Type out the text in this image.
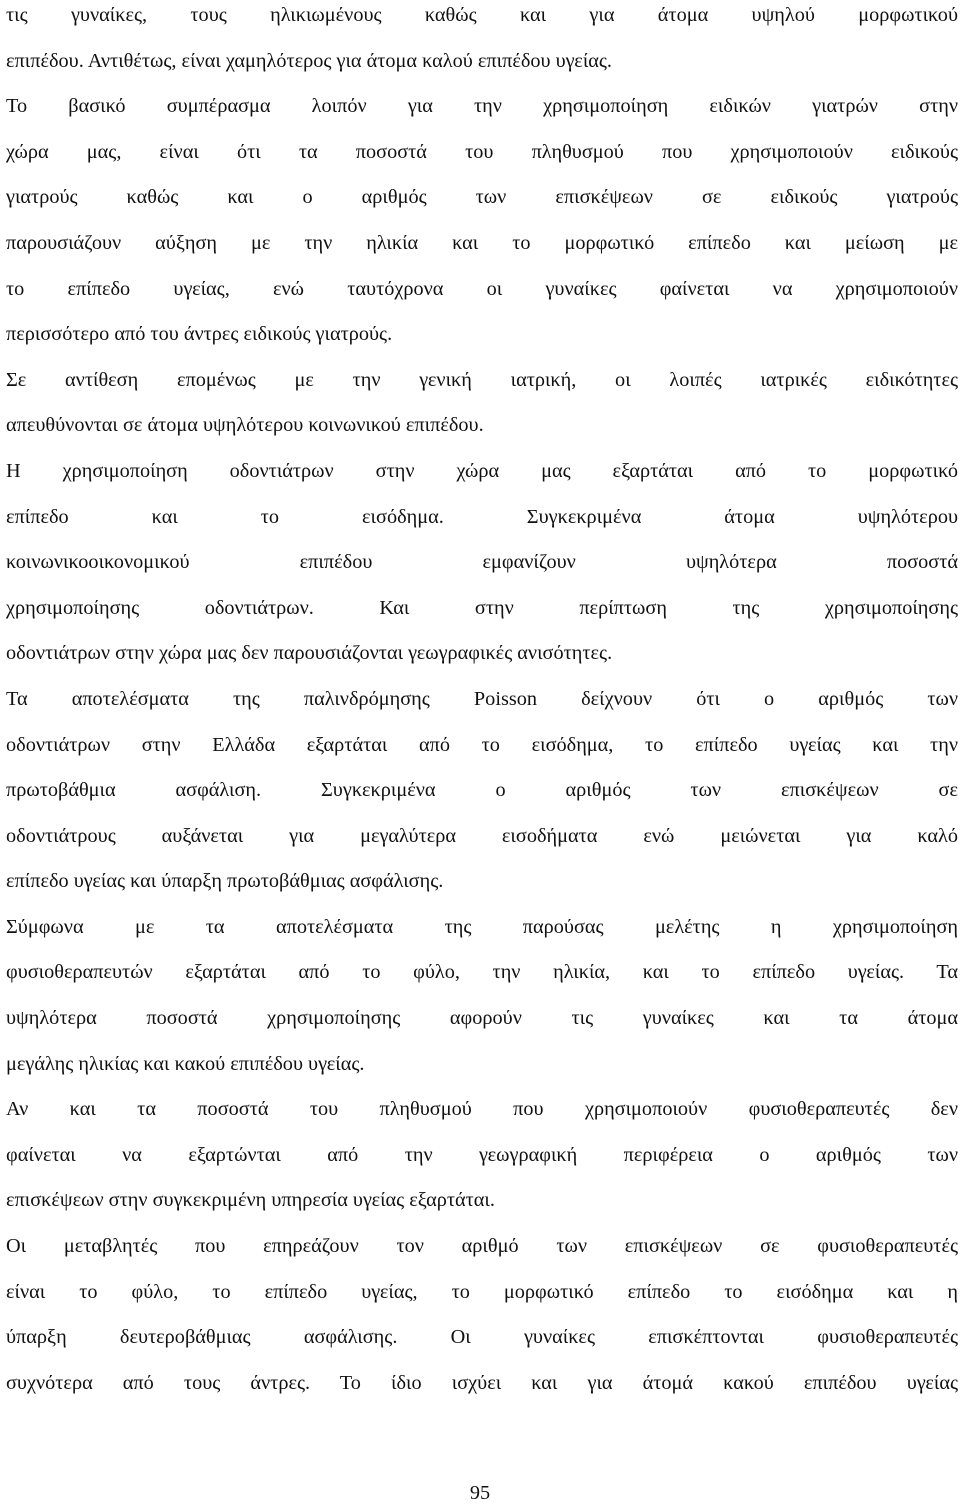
τις γυναίκες, τους ηλικιωμένους καθώς και για άτομα υψηλού μορφωτικού
επιπέδου. Αντιθέτως, είναι χαμηλότερος για άτομα καλού επιπέδου υγείας.
Το βασικό συμπέρασμα λοιπόν για την χρησιμοποίηση ειδικών γιατρών στην
χώρα μας, είναι ότι τα ποσοστά του πληθυσμού που χρησιμοποιούν ειδικούς
γιατρούς καθώς και ο αριθμός των επισκέψεων σε ειδικούς γιατρούς
παρουσιάζουν αύξηση με την ηλικία και το μορφωτικό επίπεδο και μείωση με
το επίπεδο υγείας, ενώ ταυτόχρονα οι γυναίκες φαίνεται να χρησιμοποιούν
περισσότερο από του άντρες ειδικούς γιατρούς.
Σε αντίθεση επομένως με την γενική ιατρική, οι λοιπές ιατρικές ειδικότητες
απευθύνονται σε άτομα υψηλότερου κοινωνικού επιπέδου.
Η χρησιμοποίηση οδοντιάτρων στην χώρα μας εξαρτάται από το μορφωτικό
επίπεδο και το εισόδημα. Συγκεκριμένα άτομα υψηλότερου
κοινωνικοοικονομικού επιπέδου εμφανίζουν υψηλότερα ποσοστά
χρησιμοποίησης οδοντιάτρων. Και στην περίπτωση της χρησιμοποίησης
οδοντιάτρων στην χώρα μας δεν παρουσιάζονται γεωγραφικές ανισότητες.
Τα αποτελέσματα της παλινδρόμησης Poisson δείχνουν ότι ο αριθμός των
οδοντιάτρων στην Ελλάδα εξαρτάται από το εισόδημα, το επίπεδο υγείας και την
πρωτοβάθμια ασφάλιση. Συγκεκριμένα ο αριθμός των επισκέψεων σε
οδοντιάτρους αυξάνεται για μεγαλύτερα εισοδήματα ενώ μειώνεται για καλό
επίπεδο υγείας και ύπαρξη πρωτοβάθμιας ασφάλισης.
Σύμφωνα με τα αποτελέσματα της παρούσας μελέτης η χρησιμοποίηση
φυσιοθεραπευτών εξαρτάται από το φύλο, την ηλικία, και το επίπεδο υγείας. Τα
υψηλότερα ποσοστά χρησιμοποίησης αφορούν τις γυναίκες και τα άτομα
μεγάλης ηλικίας και κακού επιπέδου υγείας.
Αν και τα ποσοστά του πληθυσμού που χρησιμοποιούν φυσιοθεραπευτές δεν
φαίνεται να εξαρτώνται από την γεωγραφική περιφέρεια ο αριθμός των
επισκέψεων στην συγκεκριμένη υπηρεσία υγείας εξαρτάται.
Οι μεταβλητές που επηρεάζουν τον αριθμό των επισκέψεων σε φυσιοθεραπευτές
είναι το φύλο, το επίπεδο υγείας, το μορφωτικό επίπεδο το εισόδημα και η
ύπαρξη δευτεροβάθμιας ασφάλισης. Οι γυναίκες επισκέπτονται φυσιοθεραπευτές
συχνότερα από τους άντρες. Το ίδιο ισχύει και για άτομά κακού επιπέδου υγείας
95
